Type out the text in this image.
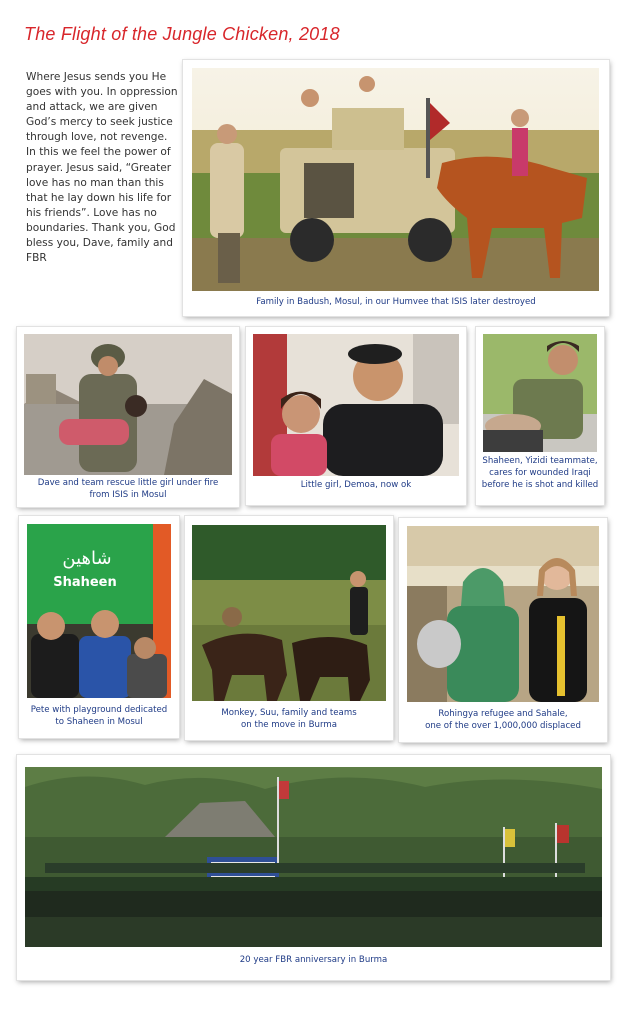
The Flight of the Jungle Chicken, 2018

Where Jesus sends you He goes with you. In oppression and attack, we are given God’s mercy to seek justice through love, not revenge. In this we feel the power of prayer. Jesus said, “Greater love has no man than this that he lay down his life for his friends”. Love has no boundaries. Thank you, God bless you, Dave, family and FBR

Family in Badush, Mosul, in our Humvee that ISIS later destroyed

Dave and team rescue little girl under fire

from ISIS in Mosul

Little girl, Demoa, now ok

Shaheen, Yizidi teammate,

cares for wounded Iraqi

before he is shot and killed

شاهين
Shaheen

Pete with playground dedicated

to Shaheen in Mosul

Monkey, Suu, family and teams

on the move in Burma

Rohingya refugee and Sahale,

one of the over 1,000,000 displaced

20 year FBR anniversary in Burma
